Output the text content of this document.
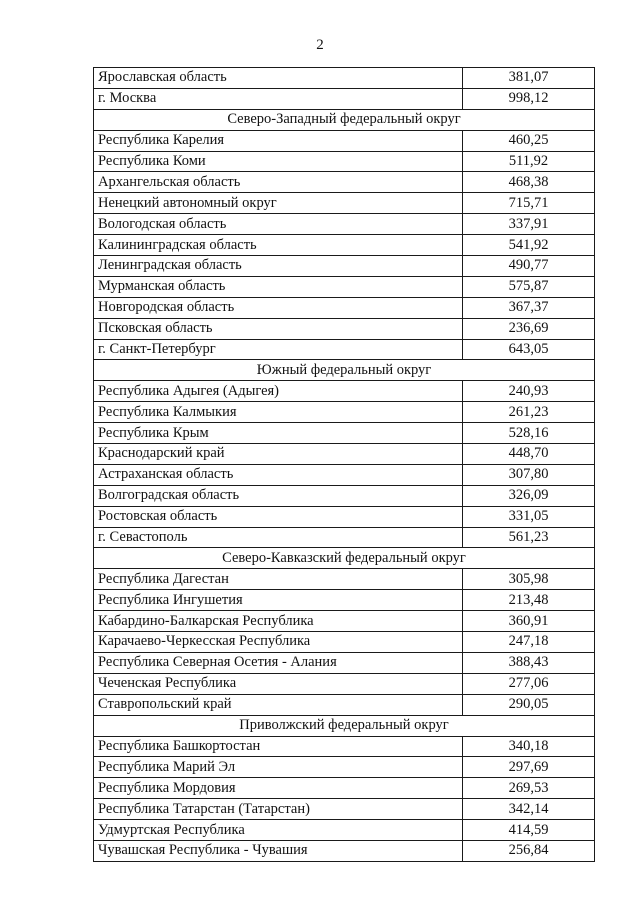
2
Ярославская область	381,07
г. Москва	998,12
Северо-Западный федеральный округ	
Республика Карелия	460,25
Республика Коми	511,92
Архангельская область	468,38
Ненецкий автономный округ	715,71
Вологодская область	337,91
Калининградская область	541,92
Ленинградская область	490,77
Мурманская область	575,87
Новгородская область	367,37
Псковская область	236,69
г. Санкт-Петербург	643,05
Южный федеральный округ	
Республика Адыгея (Адыгея)	240,93
Республика Калмыкия	261,23
Республика Крым	528,16
Краснодарский край	448,70
Астраханская область	307,80
Волгоградская область	326,09
Ростовская область	331,05
г. Севастополь	561,23
Северо-Кавказский федеральный округ	
Республика Дагестан	305,98
Республика Ингушетия	213,48
Кабардино-Балкарская Республика	360,91
Карачаево-Черкесская Республика	247,18
Республика Северная Осетия - Алания	388,43
Чеченская Республика	277,06
Ставропольский край	290,05
Приволжский федеральный округ	
Республика Башкортостан	340,18
Республика Марий Эл	297,69
Республика Мордовия	269,53
Республика Татарстан (Татарстан)	342,14
Удмуртская Республика	414,59
Чувашская Республика - Чувашия	256,84
